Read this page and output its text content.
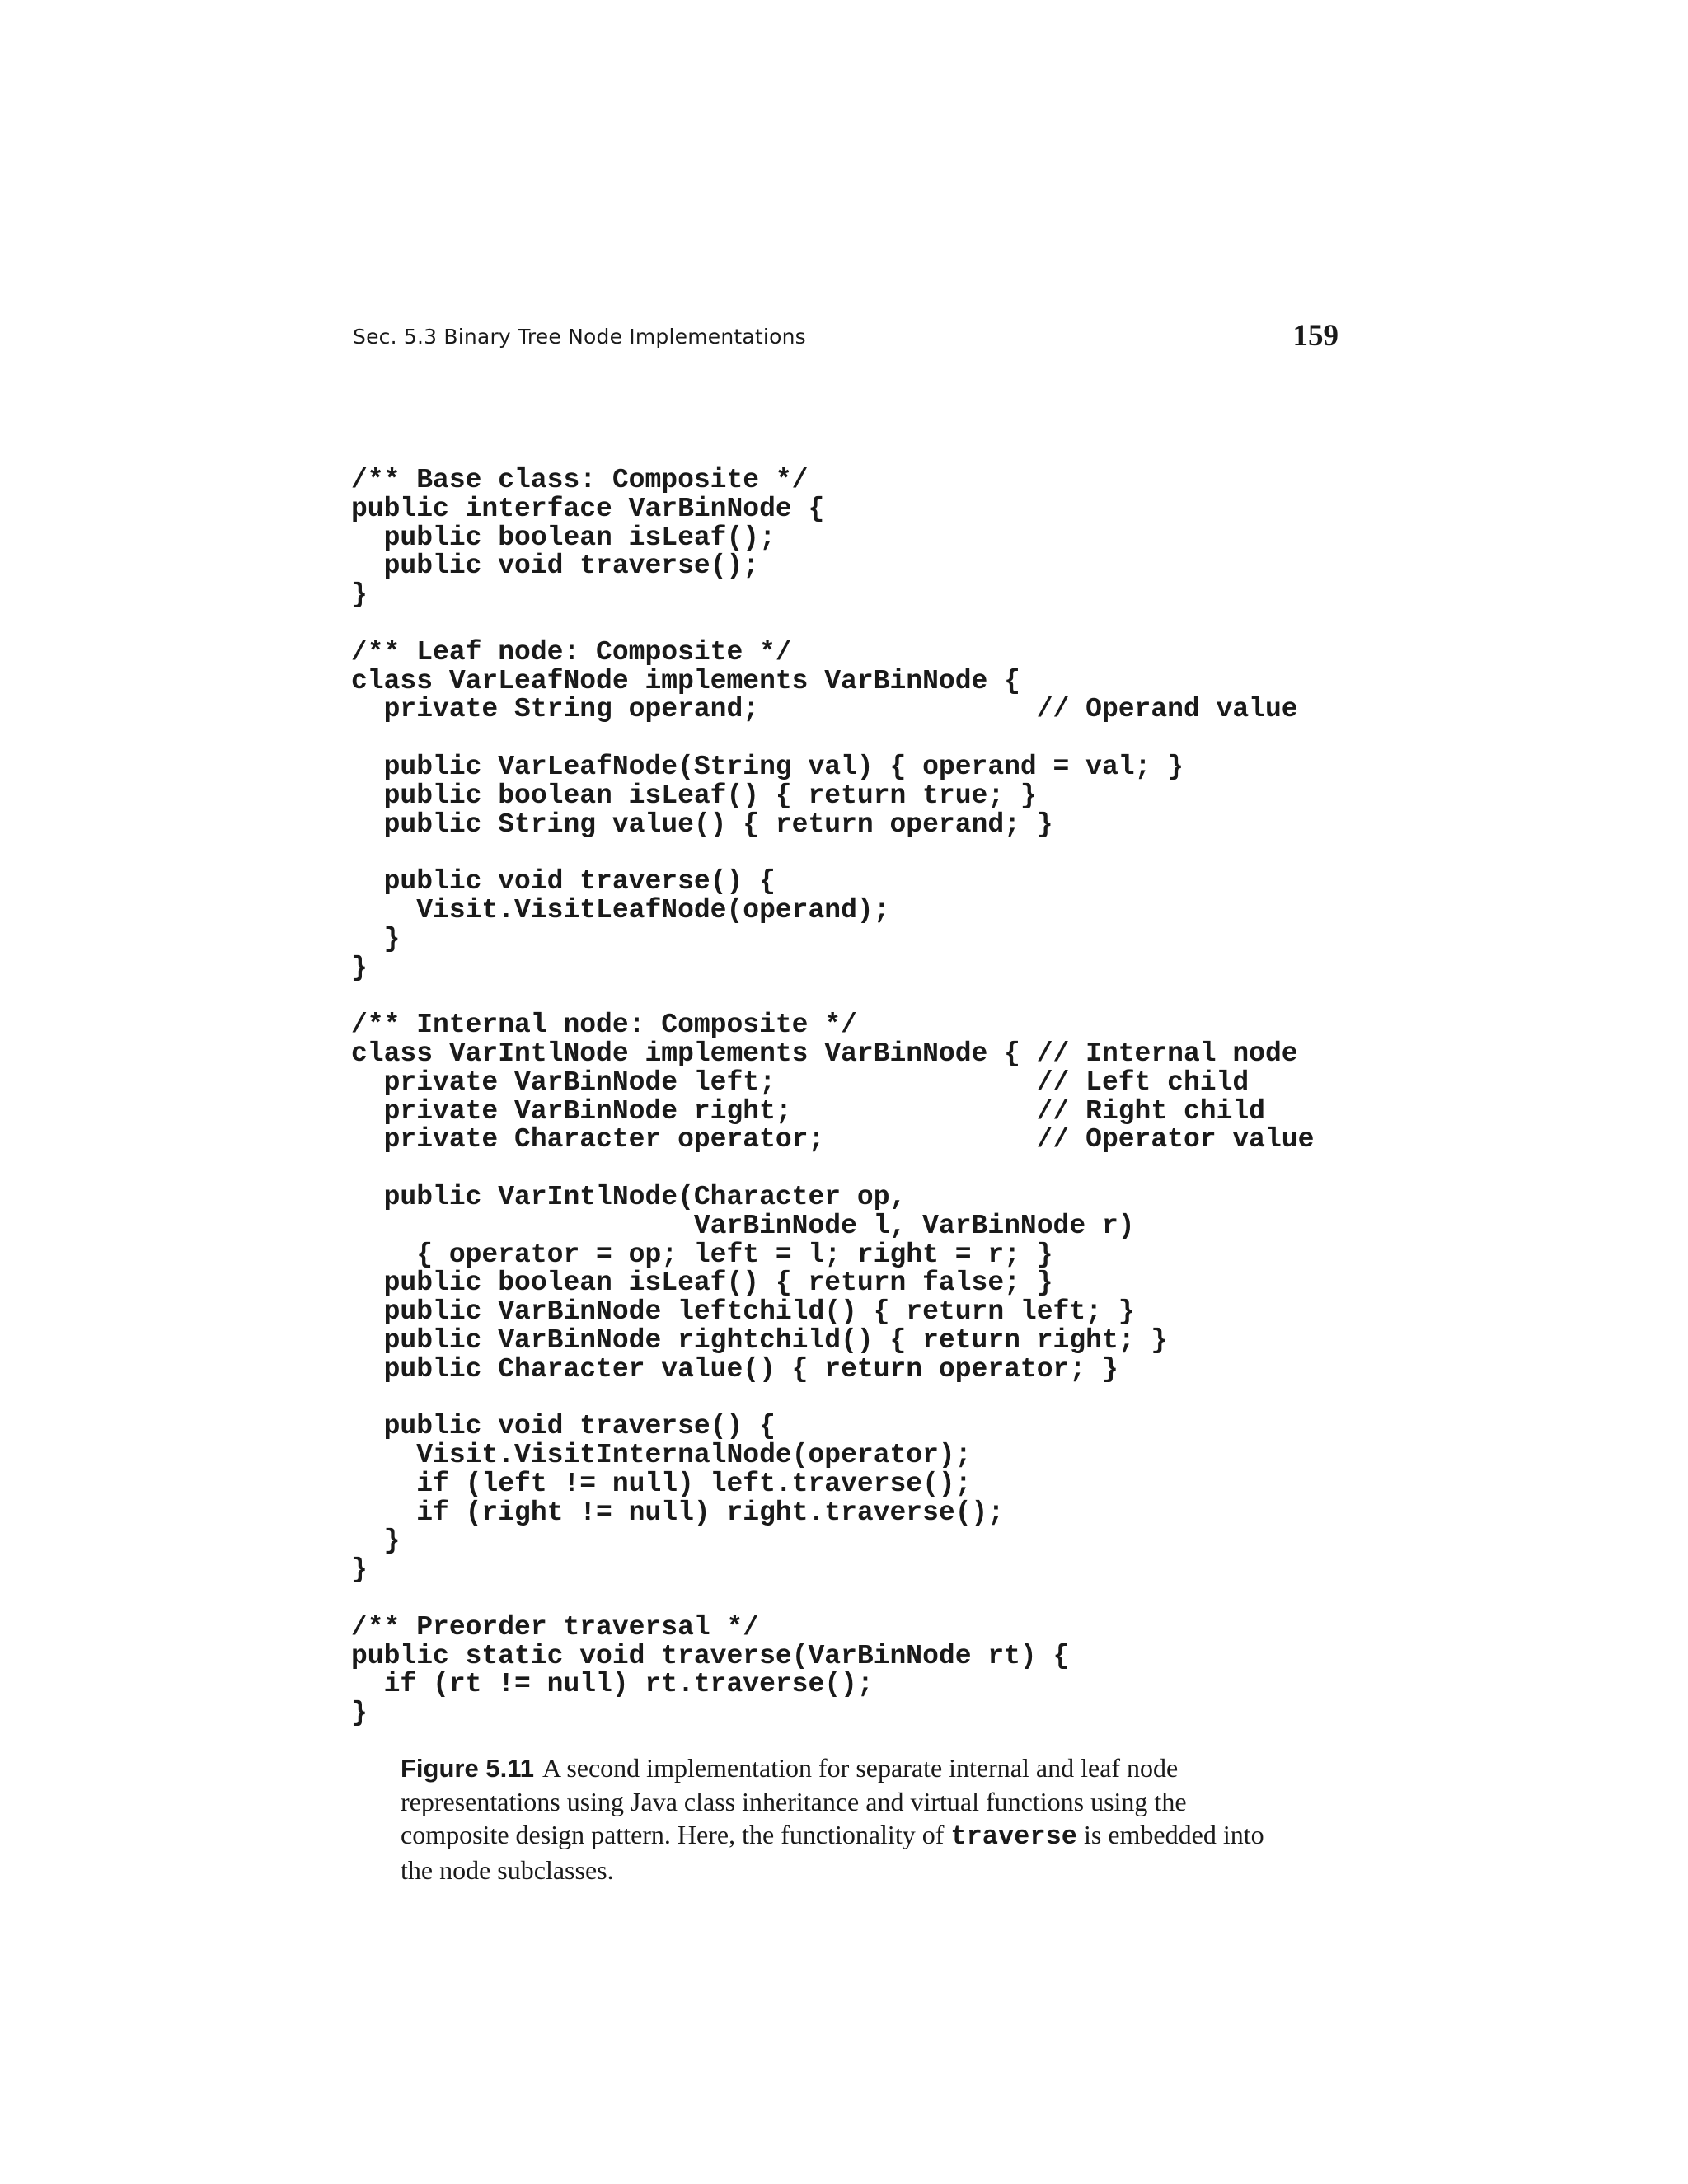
Sec. 5.3 Binary Tree Node Implementations	159
/** Base class: Composite */
public interface VarBinNode {
public boolean isLeaf();
public void traverse();
}
/** Leaf node: Composite */
class VarLeafNode implements VarBinNode {
private String operand;                 // Operand value
public VarLeafNode(String val) { operand = val; }
public boolean isLeaf() { return true; }
public String value() { return operand; }
public void traverse() {
Visit.VisitLeafNode(operand);
}
}
/** Internal node: Composite */
class VarIntlNode implements VarBinNode { // Internal node
private VarBinNode left;                // Left child
private VarBinNode right;               // Right child
private Character operator;             // Operator value
public VarIntlNode(Character op,
VarBinNode l, VarBinNode r)
{ operator = op; left = l; right = r; }
public boolean isLeaf() { return false; }
public VarBinNode leftchild() { return left; }
public VarBinNode rightchild() { return right; }
public Character value() { return operator; }
public void traverse() {
Visit.VisitInternalNode(operator);
if (left != null) left.traverse();
if (right != null) right.traverse();
}
}
/** Preorder traversal */
public static void traverse(VarBinNode rt) {
if (rt != null) rt.traverse();
}

Figure 5.11 A second implementation for separate internal and leaf node representations using Java class inheritance and virtual functions using the composite design pattern. Here, the functionality of traverse is embedded into the node subclasses.
